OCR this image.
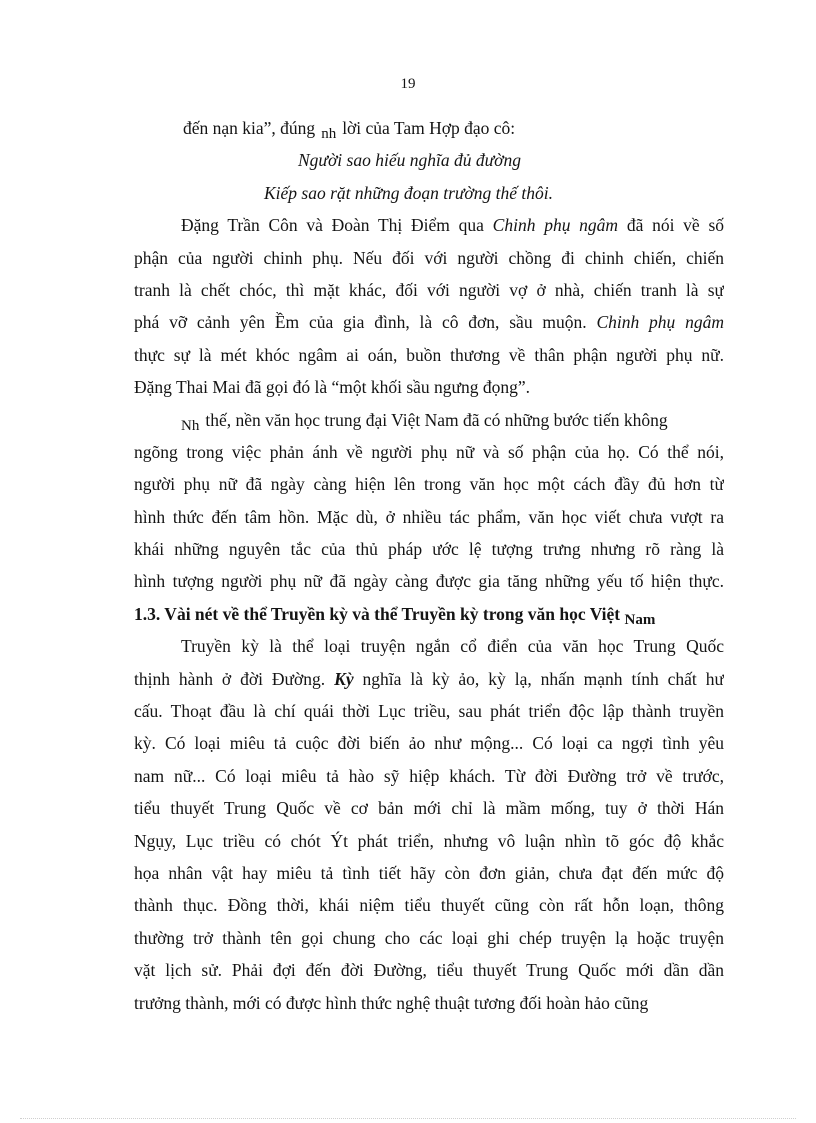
19
đến nạn kia”, đúng nh lời của Tam Hợp đạo cô:
Người sao hiếu nghĩa đủ đường
Kiếp sao rặt những đoạn trường thế thôi.
Đặng Trần Côn và Đoàn Thị Điểm qua Chinh phụ ngâm đã nói về số
phận của người chinh phụ. Nếu đối với người chồng đi chinh chiến, chiến
tranh là chết chóc, thì mặt khác, đối với người vợ ở nhà, chiến tranh là sự
phá vỡ cảnh yên Ềm của gia đình, là cô đơn, sầu muộn. Chinh phụ ngâm
thực sự là mét khóc ngâm ai oán, buồn thương về thân phận người phụ nữ.
Đặng Thai Mai đã gọi đó là “một khối sầu ngưng đọng”.
Nh thế, nền văn học trung đại Việt Nam đã có những bước tiến không
ngõng trong việc phản ánh về người phụ nữ và số phận của họ. Có thể nói,
người phụ nữ đã ngày càng hiện lên trong văn học một cách đầy đủ hơn từ
hình thức đến tâm hồn. Mặc dù, ở nhiều tác phẩm, văn học viết chưa vượt ra
khái những nguyên tắc của thủ pháp ước lệ tượng trưng nhưng rõ ràng là
hình tượng người phụ nữ đã ngày càng được gia tăng những yếu tố hiện thực.
1.3. Vài nét về thể Truyền kỳ và thể Truyền kỳ trong văn học Việt Nam
Truyền kỳ là thể loại truyện ngắn cổ điển của văn học Trung Quốc
thịnh hành ở đời Đường. Kỳ nghĩa là kỳ ảo, kỳ lạ, nhấn mạnh tính chất hư
cấu. Thoạt đầu là chí quái thời Lục triều, sau phát triển độc lập thành truyền
kỳ. Có loại miêu tả cuộc đời biến ảo như mộng... Có loại ca ngợi tình yêu
nam nữ... Có loại miêu tả hào sỹ hiệp khách. Từ đời Đường trở về trước,
tiểu thuyết Trung Quốc về cơ bản mới chỉ là mầm mống, tuy ở thời Hán
Ngụy, Lục triều có chót Ýt phát triển, nhưng vô luận nhìn tõ góc độ khắc
họa nhân vật hay miêu tả tình tiết hãy còn đơn giản, chưa đạt đến mức độ
thành thục. Đồng thời, khái niệm tiểu thuyết cũng còn rất hỗn loạn, thông
thường trở thành tên gọi chung cho các loại ghi chép truyện lạ hoặc truyện
vặt lịch sử. Phải đợi đến đời Đường, tiểu thuyết Trung Quốc mới dần dần
trưởng thành, mới có được hình thức nghệ thuật tương đối hoàn hảo cũng
